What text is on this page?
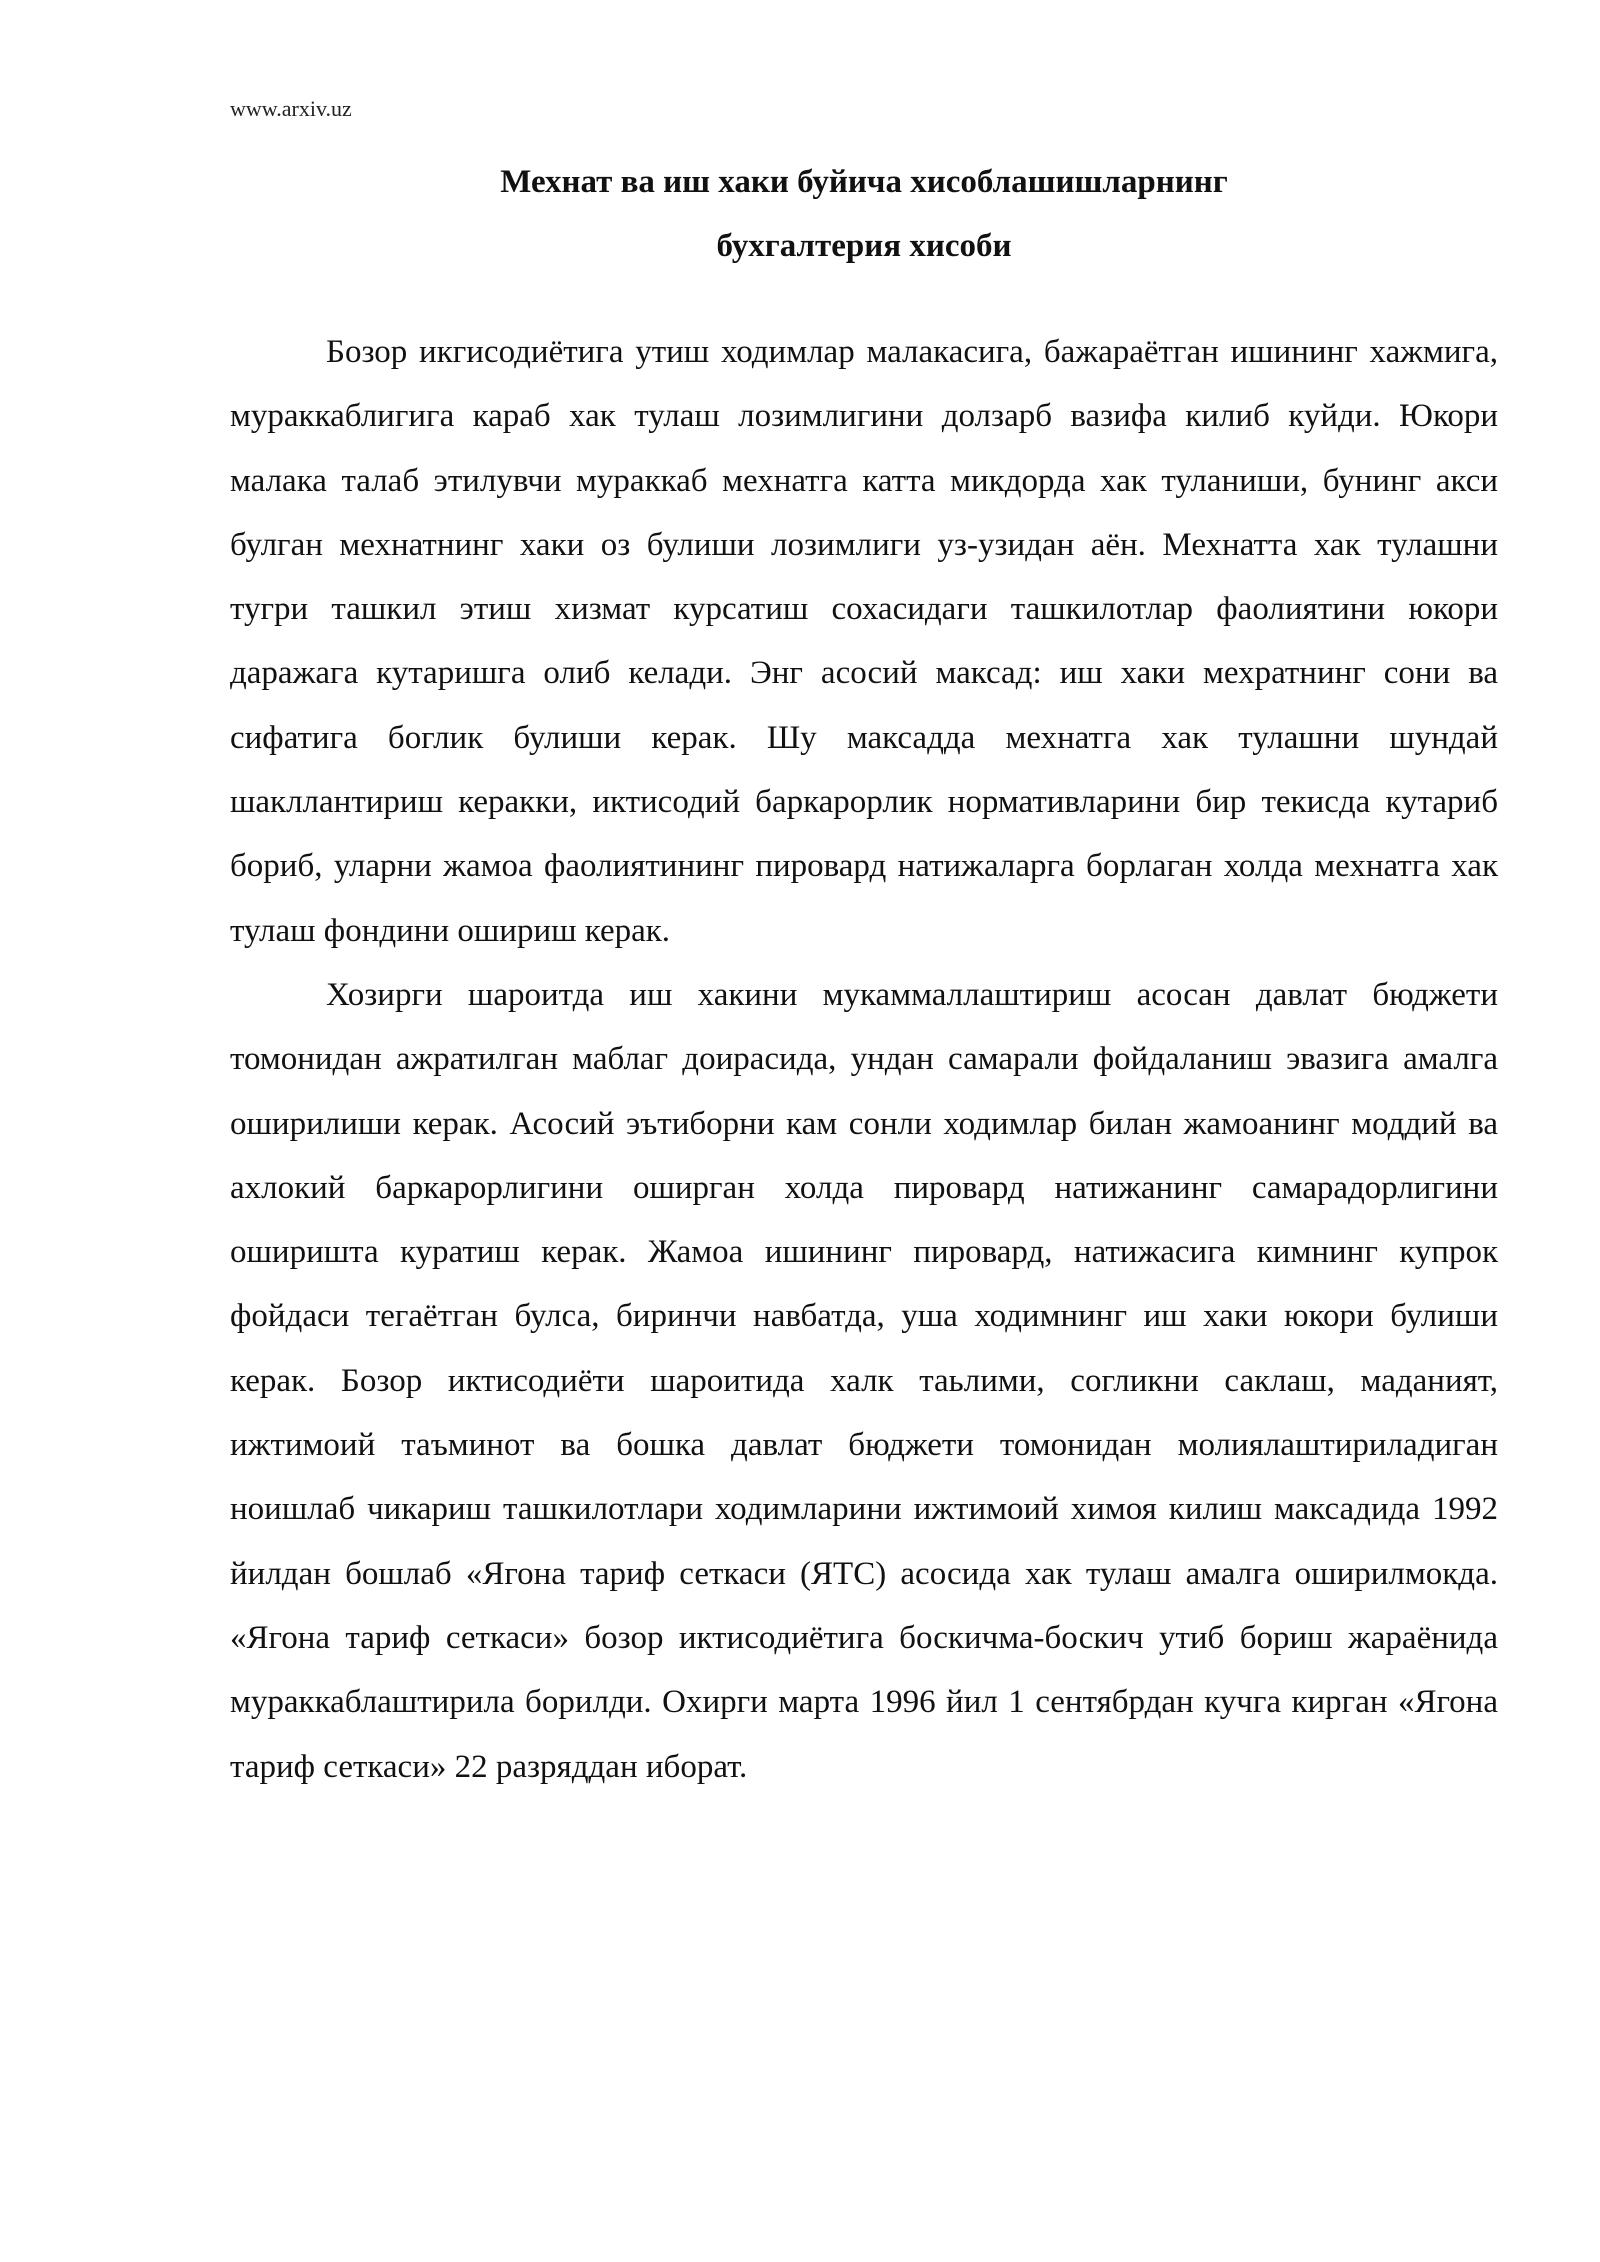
www.arxiv.uz
Мехнат ва иш хаки буйича хисоблашишларнинг
бухгалтерия хисоби

Бозор икгисодиётига утиш ходимлар малакасига, бажараётган ишининг хажмига, мураккаблигига караб хак тулаш лозимлигини долзарб вазифа килиб куйди. Юкори малака талаб этилувчи мураккаб мехнатга катта микдорда хак туланиши, бунинг акси булган мехнатнинг хаки оз булиши лозимлиги уз-узидан аён. Мехнатта хак тулашни тугри ташкил этиш хизмат курсатиш сохасидаги ташкилотлар фаолиятини юкори даражага кутаришга олиб келади. Энг асосий максад: иш хаки мехратнинг сони ва сифатига боглик булиши керак. Шу максадда мехнатга хак тулашни шундай шакллантириш керакки, иктисодий баркарорлик нормативларини бир текисда кутариб бориб, уларни жамоа фаолиятининг пировард натижаларга борлаган холда мехнатга хак тулаш фондини ошириш керак.

Хозирги шароитда иш хакини мукаммаллаштириш асосан давлат бюджети томонидан ажратилган маблаг доирасида, ундан самарали фойдаланиш эвазига амалга оширилиши керак. Асосий эътиборни кам сонли ходимлар билан жамоанинг моддий ва ахлокий баркарорлигини оширган холда пировард натижанинг самарадорлигини оширишта куратиш керак. Жамоа ишининг пировард, натижасига кимнинг купрок фойдаси тегаётган булса, биринчи навбатда, уша ходимнинг иш хаки юкори булиши керак. Бозор иктисодиёти шароитида халк таьлими, согликни саклаш, маданият, ижтимоий таъминот ва бошка давлат бюджети томонидан молиялаштириладиган ноишлаб чикариш ташкилотлари ходимларини ижтимоий химоя килиш максадида 1992 йилдан бошлаб «Ягона тариф сеткаси (ЯТС) асосида хак тулаш амалга оширилмокда. «Ягона тариф сеткаси» бозор иктисодиётига боскичма-боскич утиб бориш жараёнида мураккаблаштирила борилди. Охирги марта 1996 йил 1 сентябрдан кучга кирган «Ягона тариф сеткаси» 22 разряддан иборат.
